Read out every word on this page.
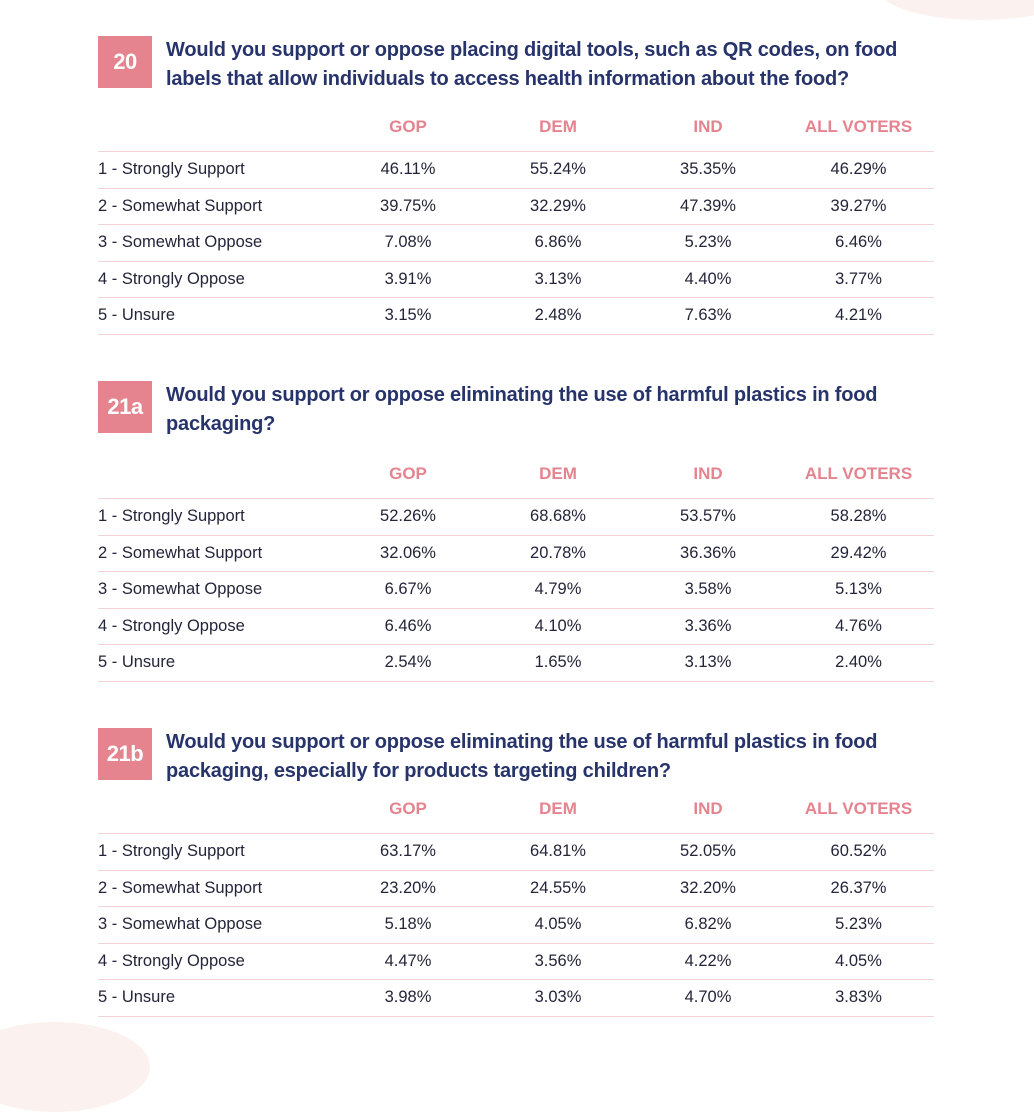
20	Would you support or oppose placing digital tools, such as QR codes, on food labels that allow individuals to access health information about the food?
	GOP	DEM	IND	ALL VOTERS
1 - Strongly Support	46.11%	55.24%	35.35%	46.29%
2 - Somewhat Support	39.75%	32.29%	47.39%	39.27%
3 - Somewhat Oppose	7.08%	6.86%	5.23%	6.46%
4 - Strongly Oppose	3.91%	3.13%	4.40%	3.77%
5 - Unsure	3.15%	2.48%	7.63%	4.21%
21a	Would you support or oppose eliminating the use of harmful plastics in food packaging?
	GOP	DEM	IND	ALL VOTERS
1 - Strongly Support	52.26%	68.68%	53.57%	58.28%
2 - Somewhat Support	32.06%	20.78%	36.36%	29.42%
3 - Somewhat Oppose	6.67%	4.79%	3.58%	5.13%
4 - Strongly Oppose	6.46%	4.10%	3.36%	4.76%
5 - Unsure	2.54%	1.65%	3.13%	2.40%
21b	Would you support or oppose eliminating the use of harmful plastics in food packaging, especially for products targeting children?
	GOP	DEM	IND	ALL VOTERS
1 - Strongly Support	63.17%	64.81%	52.05%	60.52%
2 - Somewhat Support	23.20%	24.55%	32.20%	26.37%
3 - Somewhat Oppose	5.18%	4.05%	6.82%	5.23%
4 - Strongly Oppose	4.47%	3.56%	4.22%	4.05%
5 - Unsure	3.98%	3.03%	4.70%	3.83%
